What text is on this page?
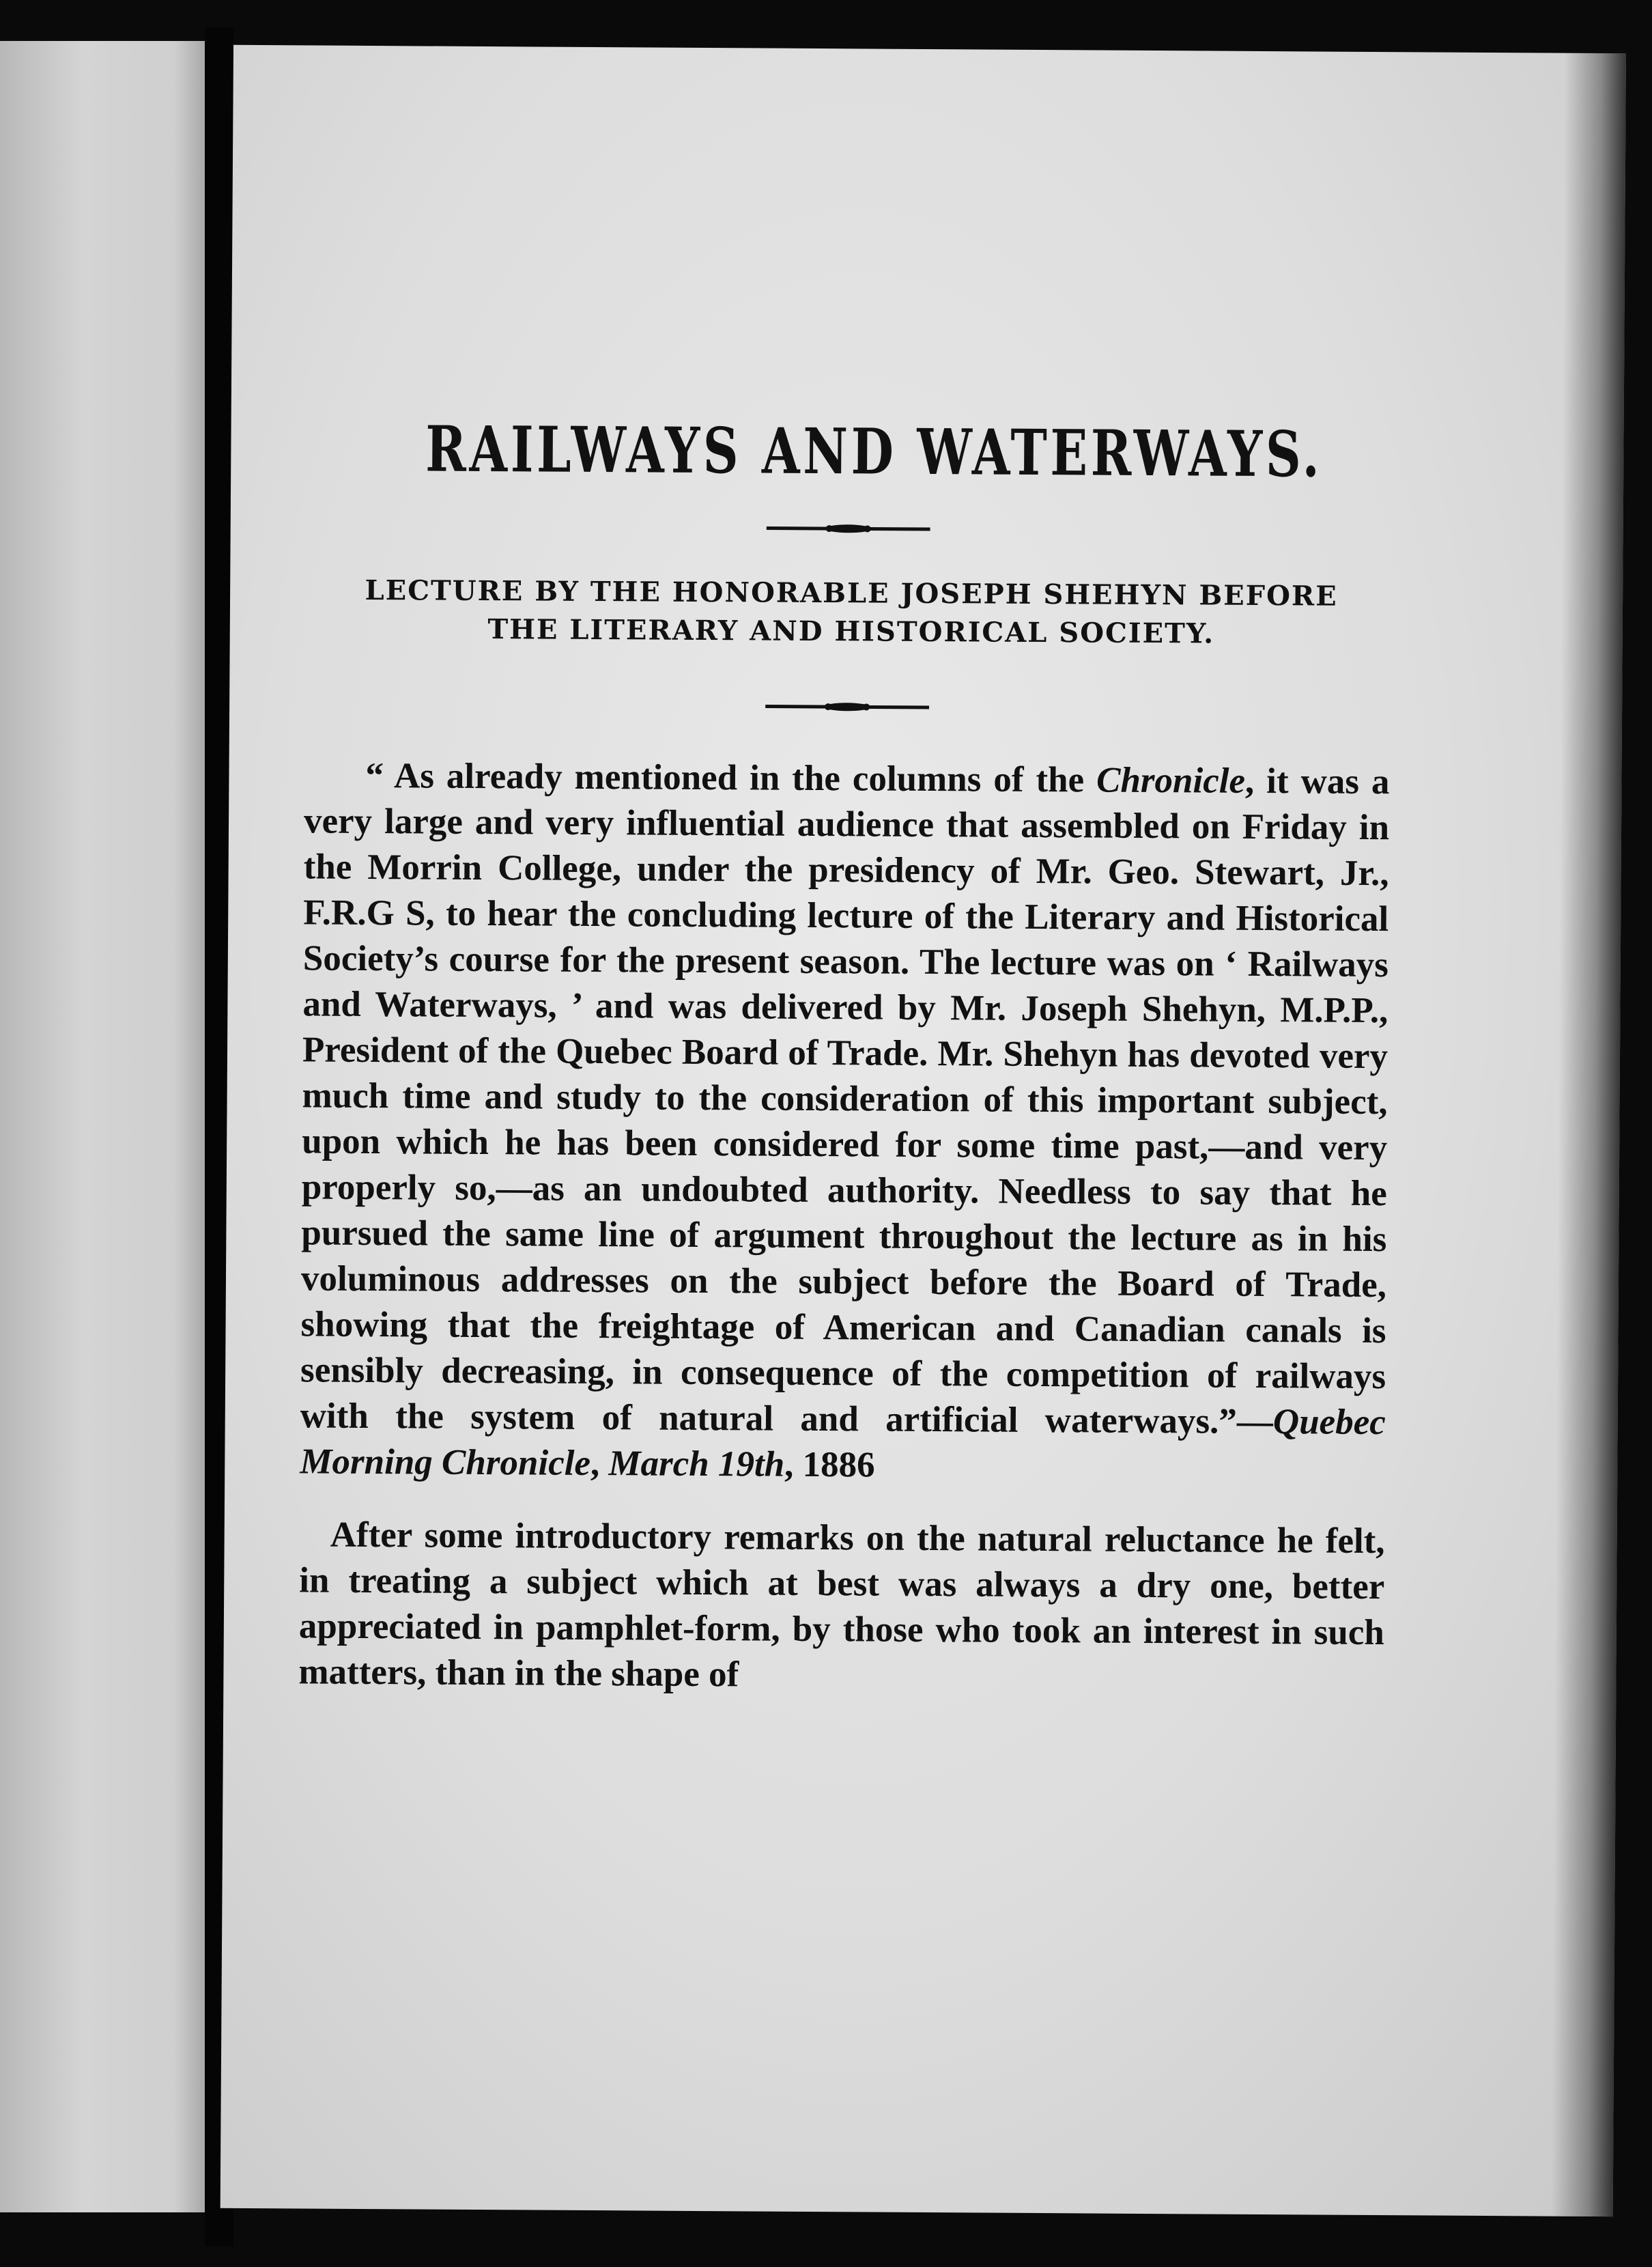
RAILWAYS AND WATERWAYS.
LECTURE BY THE HONORABLE JOSEPH SHEHYN BEFORE
THE LITERARY AND HISTORICAL SOCIETY.

“ As already mentioned in the columns of the Chronicle, it was a very large and very influential audience that assembled on Friday in the Morrin College, under the presidency of Mr. Geo. Stewart, Jr., F.R.G S, to hear the concluding lecture of the Literary and Historical Society’s course for the present season. The lecture was on ‘ Railways and Waterways, ’ and was delivered by Mr. Joseph Shehyn, M.P.P., President of the Quebec Board of Trade. Mr. Shehyn has devoted very much time and study to the consideration of this important subject, upon which he has been considered for some time past,—and very properly so,—as an undoubted authority. Needless to say that he pursued the same line of argument throughout the lecture as in his voluminous addresses on the subject before the Board of Trade, showing that the freightage of American and Canadian canals is sensibly decreasing, in consequence of the competition of railways with the system of natural and artificial waterways.”—Quebec Morning Chronicle, March 19th, 1886

After some introductory remarks on the natural reluctance he felt, in treating a subject which at best was always a dry one, better appreciated in pamphlet-form, by those who took an interest in such matters, than in the shape of
